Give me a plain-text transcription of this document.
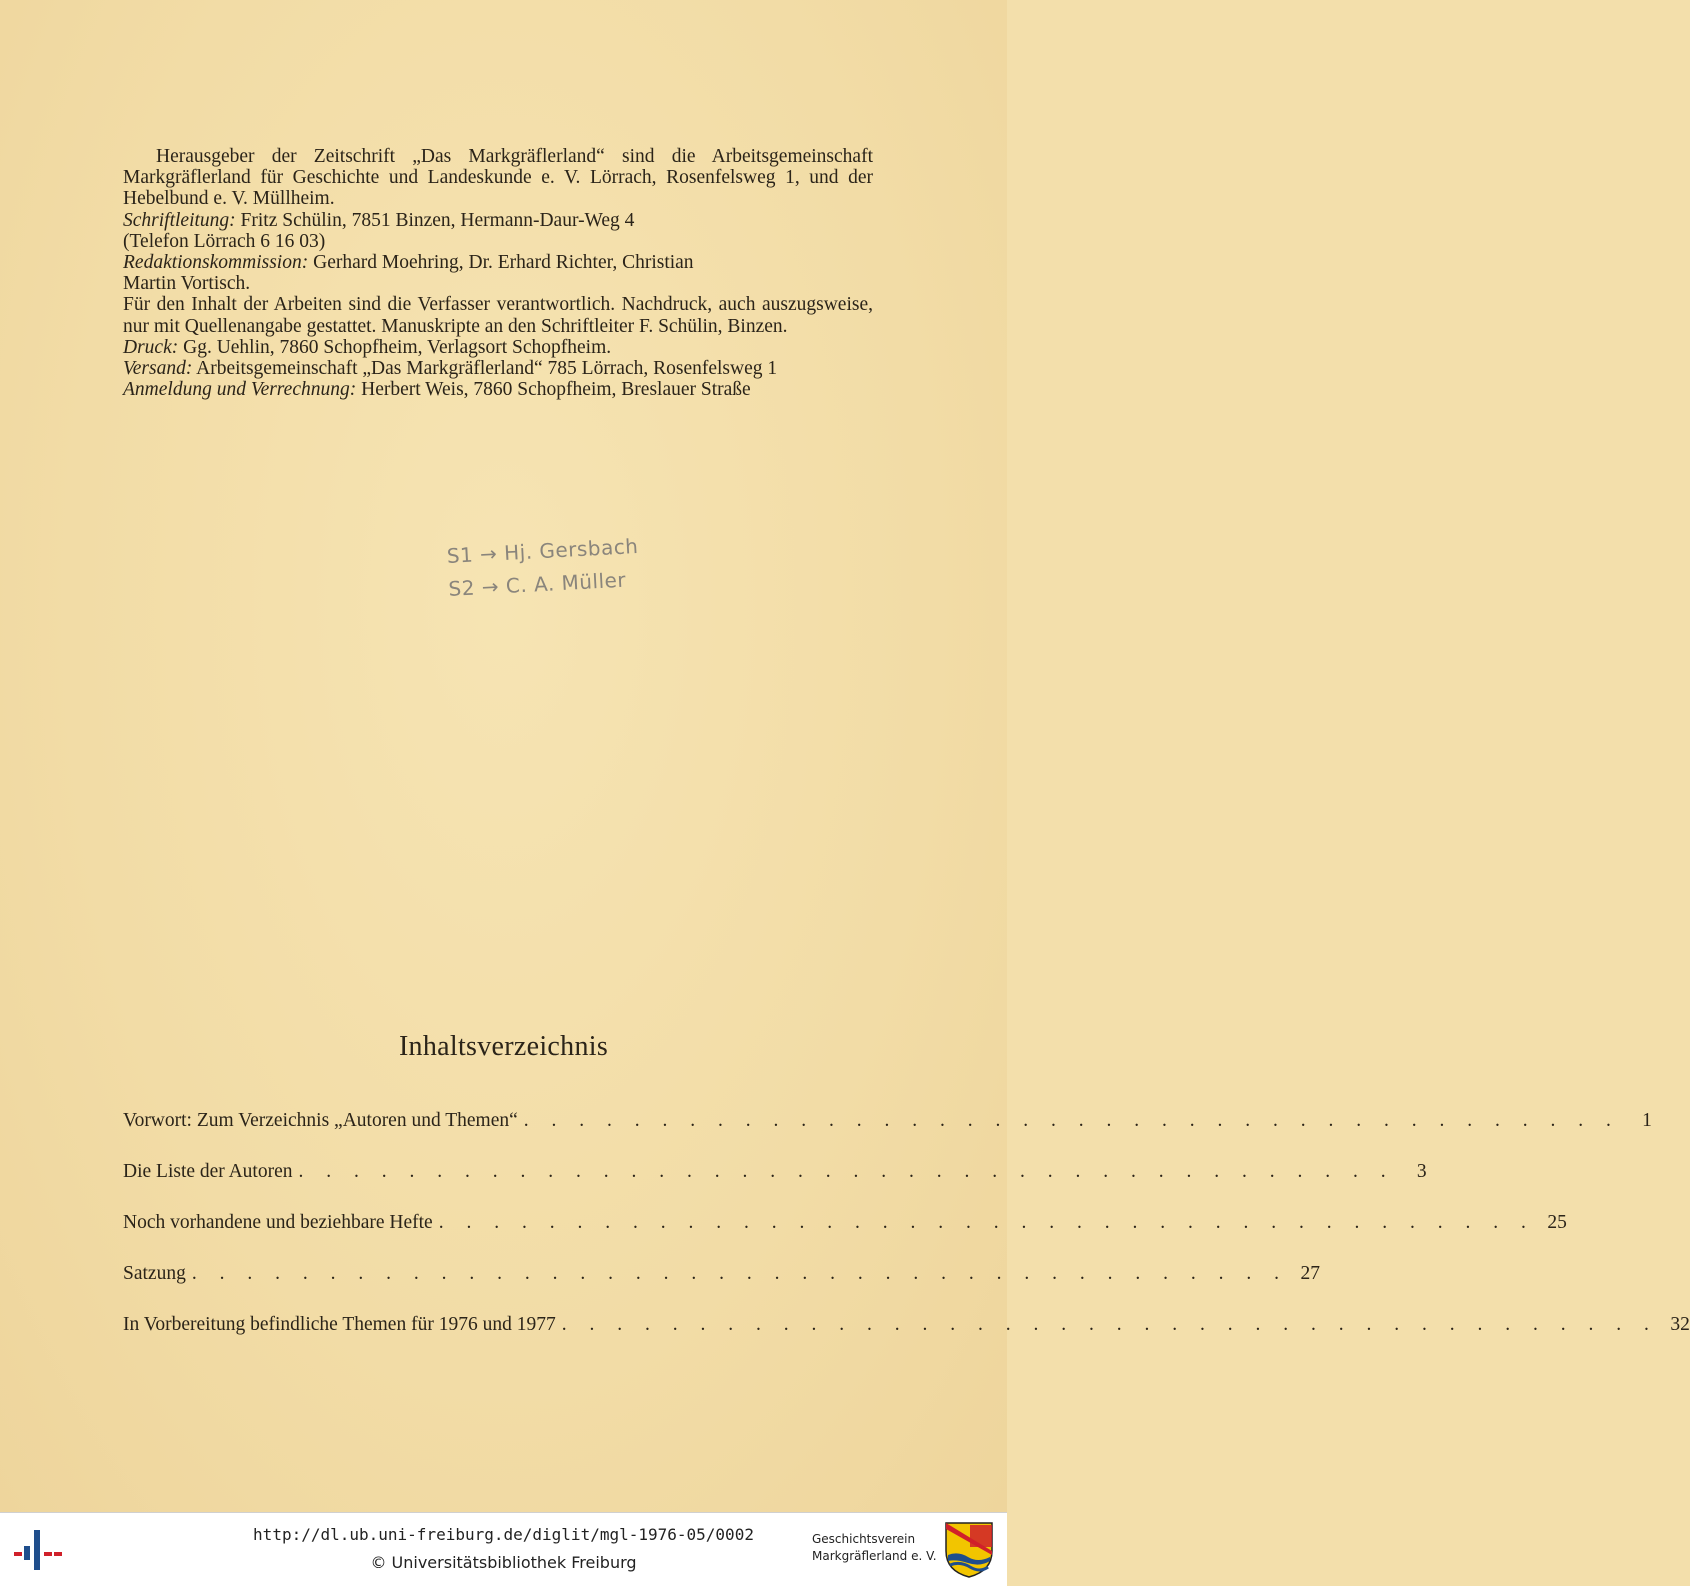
Herausgeber der Zeitschrift „Das Markgräflerland“ sind die Arbeitsgemeinschaft Markgräflerland für Geschichte und Landeskunde e. V. Lörrach, Rosenfelsweg 1, und der Hebelbund e. V. Müllheim.

Schriftleitung: Fritz Schülin, 7851 Binzen, Hermann-Daur-Weg 4

(Telefon Lörrach 6 16 03)

Redaktionskommission: Gerhard Moehring, Dr. Erhard Richter, Christian
Martin Vortisch.

Für den Inhalt der Arbeiten sind die Verfasser verantwortlich. Nachdruck, auch auszugsweise, nur mit Quellenangabe gestattet. Manuskripte an den Schriftleiter F. Schülin, Binzen.

Druck: Gg. Uehlin, 7860 Schopfheim, Verlagsort Schopfheim.

Versand: Arbeitsgemeinschaft „Das Markgräflerland“ 785 Lörrach, Rosenfelsweg 1

Anmeldung und Verrechnung: Herbert Weis, 7860 Schopfheim, Breslauer Straße

S1 → Hj. Gersbach
S2 → C. A. Müller
Inhaltsverzeichnis
Vorwort: Zum Verzeichnis „Autoren und Themen“ . . . . . . . . . . . . . . . . . . . . . . . . . . . . . . . . . . . . . . . .	1
Die Liste der Autoren . . . . . . . . . . . . . . . . . . . . . . . . . . . . . . . . . . . . . . . .	3
Noch vorhandene und beziehbare Hefte . . . . . . . . . . . . . . . . . . . . . . . . . . . . . . . . . . . . . . . . 25
Satzung . . . . . . . . . . . . . . . . . . . . . . . . . . . . . . . . . . . . . . . . 27
In Vorbereitung befindliche Themen für 1976 und 1977 . . . . . . . . . . . . . . . . . . . . . . . . . . . . . . . . . . . . . . . . 32
http://dl.ub.uni-freiburg.de/diglit/mgl-1976-05/0002
© Universitätsbibliothek Freiburg
Geschichtsverein
Markgräflerland e. V.
